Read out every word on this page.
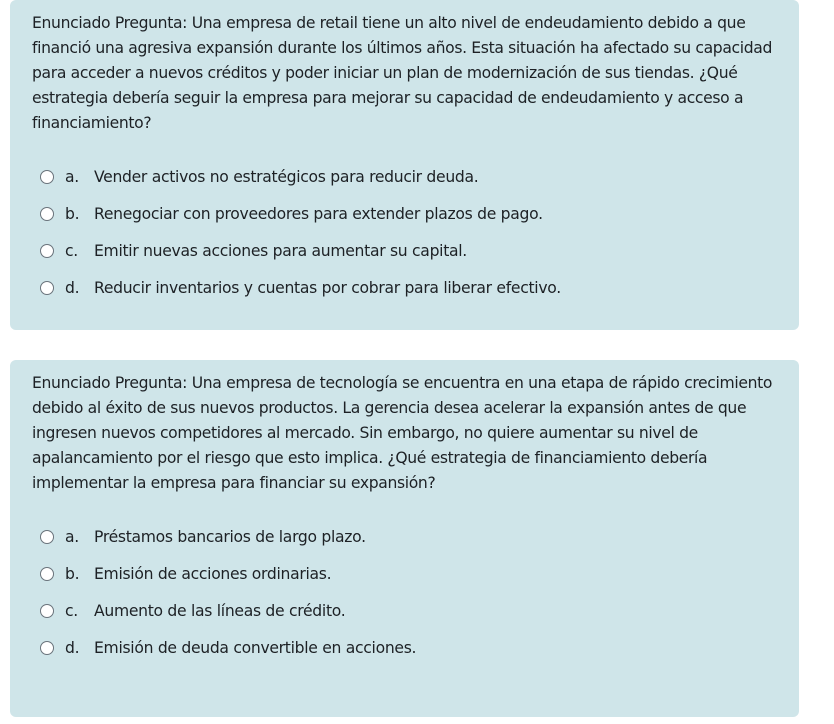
Enunciado Pregunta: Una empresa de retail tiene un alto nivel de endeudamiento debido a que financió una agresiva expansión durante los últimos años. Esta situación ha afectado su capacidad para acceder a nuevos créditos y poder iniciar un plan de modernización de sus tiendas. ¿Qué estrategia debería seguir la empresa para mejorar su capacidad de endeudamiento y acceso a financiamiento?

a. Vender activos no estratégicos para reducir deuda.
b. Renegociar con proveedores para extender plazos de pago.
c.	Emitir nuevas acciones para aumentar su capital.
d. Reducir inventarios y cuentas por cobrar para liberar efectivo.

Enunciado Pregunta: Una empresa de tecnología se encuentra en una etapa de rápido crecimiento debido al éxito de sus nuevos productos. La gerencia desea acelerar la expansión antes de que ingresen nuevos competidores al mercado. Sin embargo, no quiere aumentar su nivel de apalancamiento por el riesgo que esto implica. ¿Qué estrategia de financiamiento debería implementar la empresa para financiar su expansión?

a. Préstamos bancarios de largo plazo.
b. Emisión de acciones ordinarias.
c.	Aumento de las líneas de crédito.
d. Emisión de deuda convertible en acciones.
